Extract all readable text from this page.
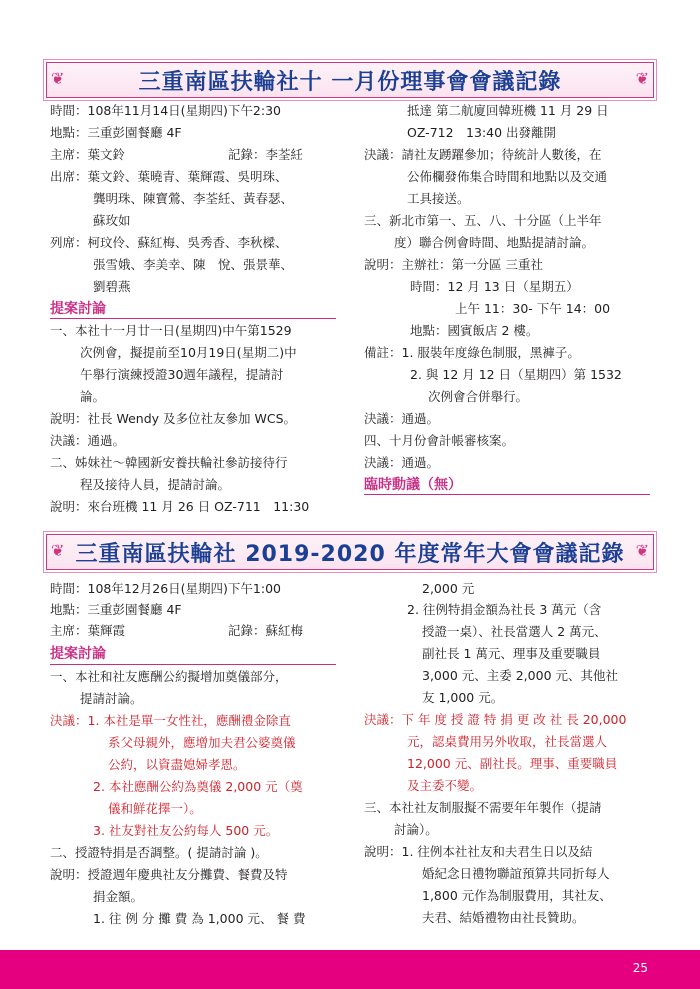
❦	三重南區扶輪社十 一月份理事會會議記錄	❦
時間：108年11月14日(星期四)下午2:30
地點：三重彭園餐廳 4F
主席：葉文鈴	記錄：李荃紝
出席：葉文鈴、葉曉青、葉輝霞、吳明珠、
龔明珠、陳寶鶯、李荃紝、黃春瑟、
蘇玫如
列席：柯玟伶、蘇紅梅、吳秀香、李秋樑、
張雪娥、李美幸、陳　悅、張景華、
劉碧燕
提案討論
一、本社十一月廿一日(星期四)中午第1529
次例會，擬提前至10月19日(星期二)中
午舉行演練授證30週年議程，提請討
論。
說明：社長 Wendy 及多位社友參加 WCS。
決議：通過。
二、姊妹社～韓國新安養扶輪社參訪接待行
程及接待人員，提請討論。
說明：來台班機 11 月 26 日 OZ-711　11:30
抵達 第二航廈回韓班機 11 月 29 日
OZ-712　13:40 出發離開
決議：請社友踴躍參加；待統計人數後，在
公佈欄發佈集合時間和地點以及交通
工具接送。
三、新北市第一、五、八、十分區（上半年
度）聯合例會時間、地點提請討論。
說明：主辦社：第一分區 三重社
時間：12 月 13 日（星期五）
上午 11：30- 下午 14：00
地點：國賓飯店 2 樓。
備註：1. 服裝年度綠色制服，黑褲子。
2. 與 12 月 12 日（星期四）第 1532
次例會合併舉行。
決議：通過。
四、十月份會計帳審核案。
決議：通過。
臨時動議（無）
❦ 三重南區扶輪社 2019-2020 年度常年大會會議記錄 ❦
時間：108年12月26日(星期四)下午1:00
地點：三重彭園餐廳 4F
主席：葉輝霞	記錄：蘇紅梅
提案討論
一、本社和社友應酬公約擬增加奠儀部分，
提請討論。
決議：1. 本社是單一女性社，應酬禮金除直
系父母親外，應增加夫君公婆奠儀
公約，以資盡媳婦孝恩。
2. 本社應酬公約為奠儀 2,000 元（奠
儀和鮮花擇一）。
3. 社友對社友公約每人 500 元。
二、授證特捐是否調整。( 提請討論 )。
說明：授證週年慶典社友分攤費、餐費及特
捐金額。
1. 往 例 分 攤 費 為 1,000 元、 餐 費
2,000 元
2. 往例特捐金額為社長 3 萬元（含
授證一桌）、社長當選人 2 萬元、
副社長 1 萬元、理事及重要職員
3,000 元、主委 2,000 元、其他社
友 1,000 元。
決議：下 年 度 授 證 特 捐 更 改 社 長 20,000
元，認桌費用另外收取，社長當選人
12,000 元、副社長。理事、重要職員
及主委不變。
三、本社社友制服擬不需要年年製作（提請
討論）。
說明：1. 往例本社社友和夫君生日以及結
婚紀念日禮物聯誼預算共同折每人
1,800 元作為制服費用，其社友、
夫君、結婚禮物由社長贊助。
25
